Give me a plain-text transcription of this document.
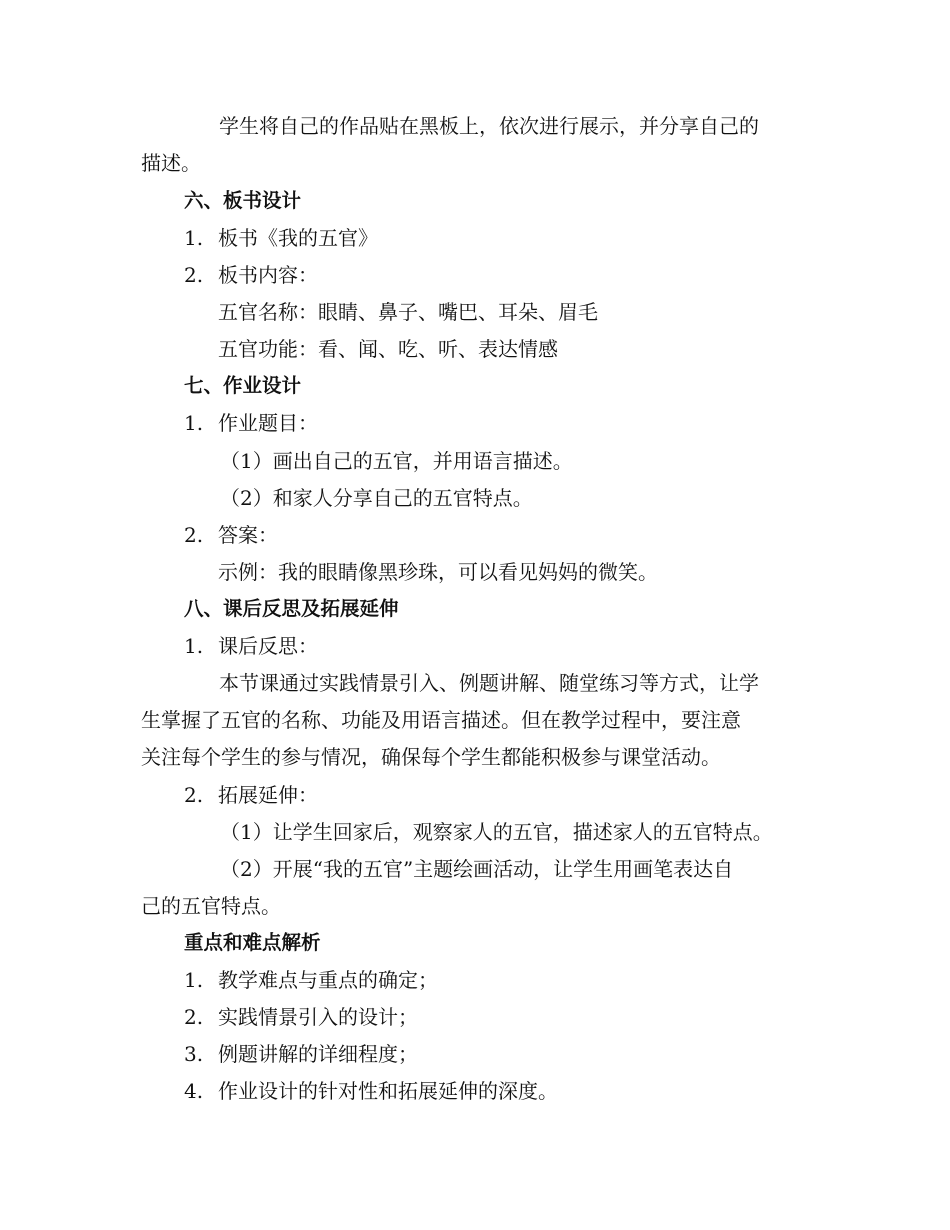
学生将自己的作品贴在黑板上，依次进行展示，并分享自己的
描述。
六、板书设计
1. 板书《我的五官》
2. 板书内容：
五官名称：眼睛、鼻子、嘴巴、耳朵、眉毛
五官功能：看、闻、吃、听、表达情感
七、作业设计
1. 作业题目：
（1）画出自己的五官，并用语言描述。
（2）和家人分享自己的五官特点。
2. 答案：
示例：我的眼睛像黑珍珠，可以看见妈妈的微笑。
八、课后反思及拓展延伸
1. 课后反思：
本节课通过实践情景引入、例题讲解、随堂练习等方式，让学
生掌握了五官的名称、功能及用语言描述。但在教学过程中，要注意
关注每个学生的参与情况，确保每个学生都能积极参与课堂活动。
2. 拓展延伸：
（1）让学生回家后，观察家人的五官，描述家人的五官特点。
（2）开展“我的五官”主题绘画活动，让学生用画笔表达自
己的五官特点。
重点和难点解析
1. 教学难点与重点的确定；
2. 实践情景引入的设计；
3. 例题讲解的详细程度；
4. 作业设计的针对性和拓展延伸的深度。
